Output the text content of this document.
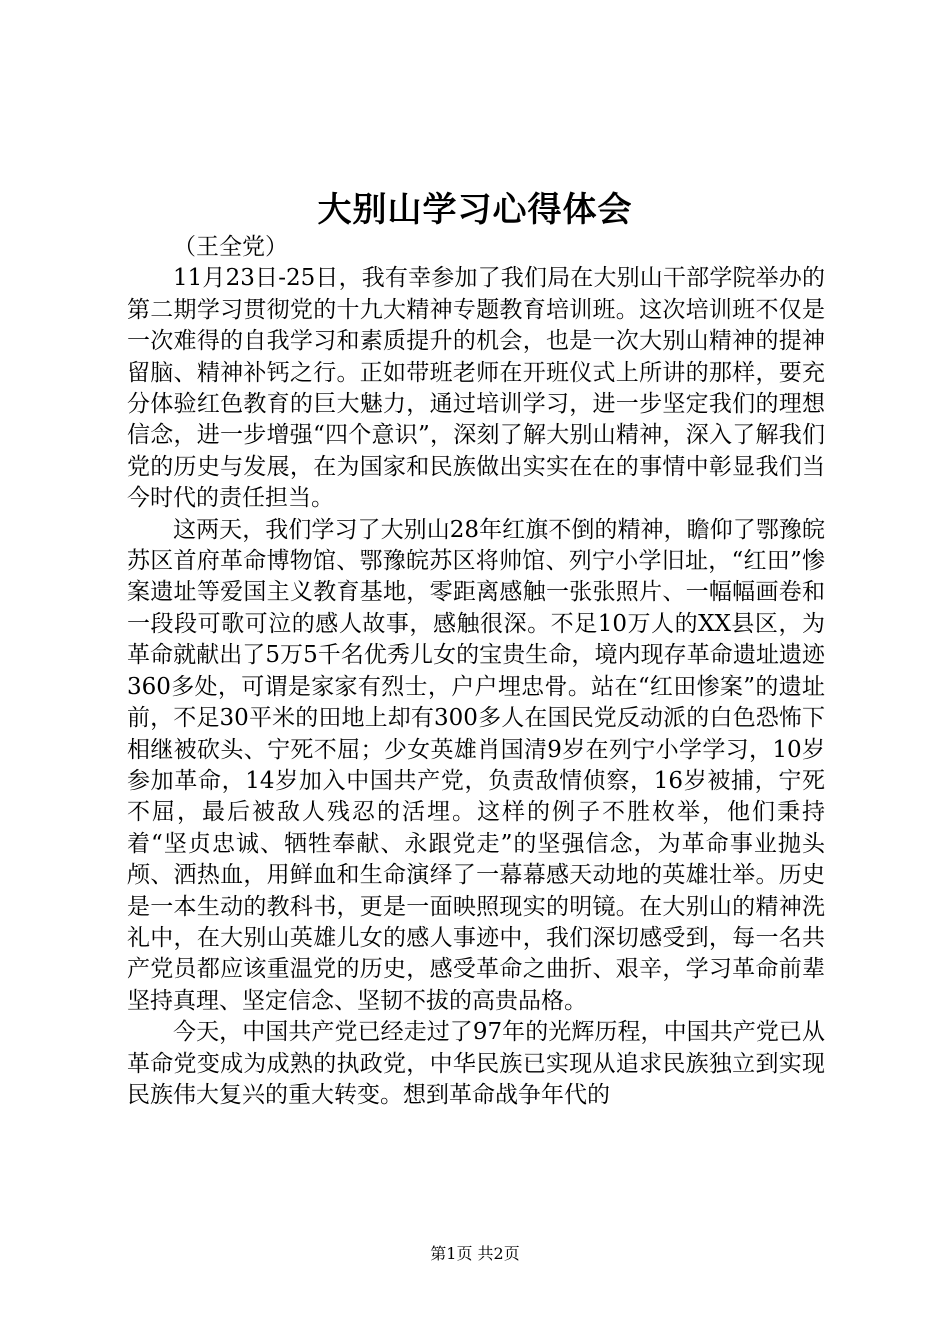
大别山学习心得体会

（王全党）

11月23日-25日，我有幸参加了我们局在大别山干部学院举办的第二期学习贯彻党的十九大精神专题教育培训班。这次培训班不仅是一次难得的自我学习和素质提升的机会，也是一次大别山精神的提神留脑、精神补钙之行。正如带班老师在开班仪式上所讲的那样，要充分体验红色教育的巨大魅力，通过培训学习，进一步坚定我们的理想信念，进一步增强“四个意识”，深刻了解大别山精神，深入了解我们党的历史与发展，在为国家和民族做出实实在在的事情中彰显我们当今时代的责任担当。

这两天，我们学习了大别山28年红旗不倒的精神，瞻仰了鄂豫皖苏区首府革命博物馆、鄂豫皖苏区将帅馆、列宁小学旧址，“红田”惨案遗址等爱国主义教育基地，零距离感触一张张照片、一幅幅画卷和一段段可歌可泣的感人故事，感触很深。不足10万人的XX县区，为革命就献出了5万5千名优秀儿女的宝贵生命，境内现存革命遗址遗迹360多处，可谓是家家有烈士，户户埋忠骨。站在“红田惨案”的遗址前，不足30平米的田地上却有300多人在国民党反动派的白色恐怖下相继被砍头、宁死不屈；少女英雄肖国清9岁在列宁小学学习，10岁参加革命，14岁加入中国共产党，负责敌情侦察，16岁被捕，宁死不屈，最后被敌人残忍的活埋。这样的例子不胜枚举，他们秉持着“坚贞忠诚、牺牲奉献、永跟党走”的坚强信念，为革命事业抛头颅、洒热血，用鲜血和生命演绎了一幕幕感天动地的英雄壮举。历史是一本生动的教科书，更是一面映照现实的明镜。在大别山的精神洗礼中，在大别山英雄儿女的感人事迹中，我们深切感受到，每一名共产党员都应该重温党的历史，感受革命之曲折、艰辛，学习革命前辈坚持真理、坚定信念、坚韧不拔的高贵品格。

今天，中国共产党已经走过了97年的光辉历程，中国共产党已从革命党变成为成熟的执政党，中华民族已实现从追求民族独立到实现民族伟大复兴的重大转变。想到革命战争年代的

第1页 共2页
